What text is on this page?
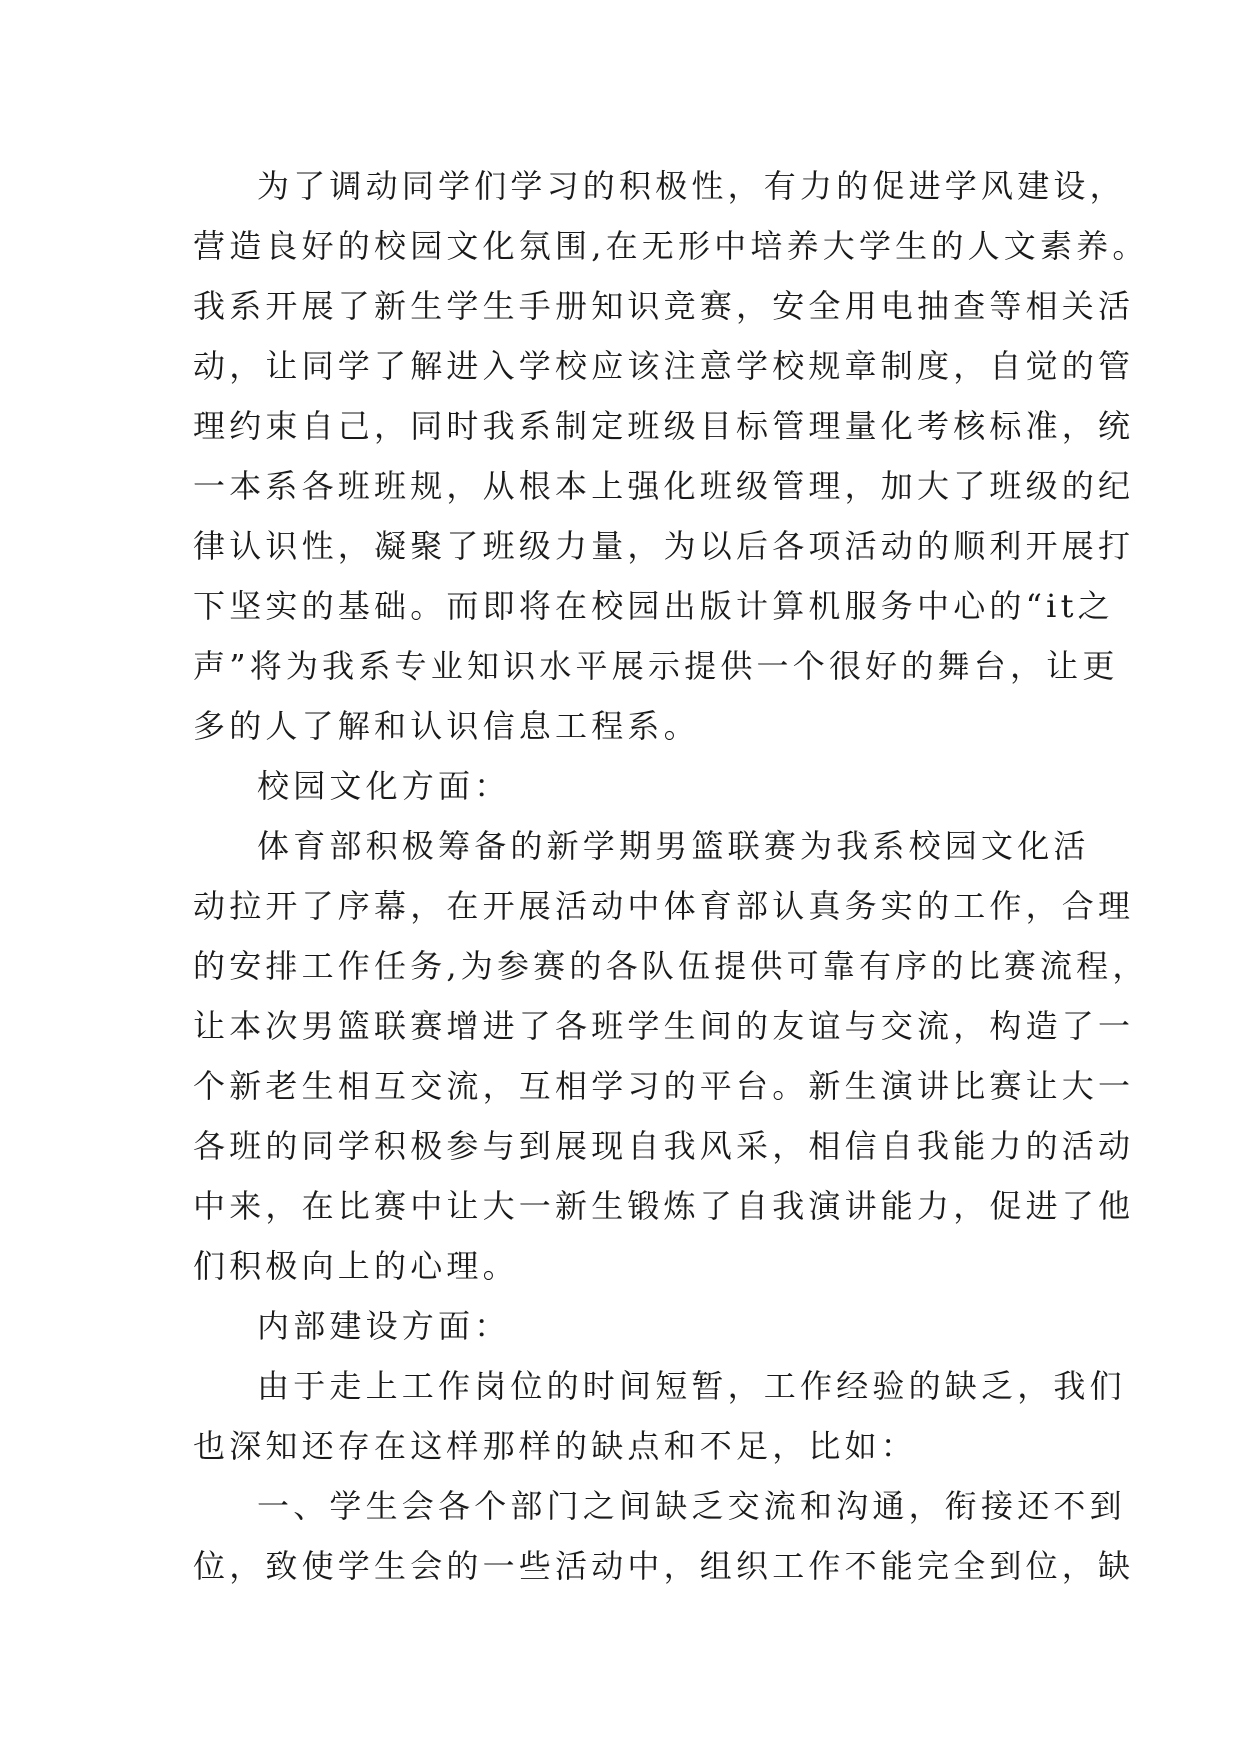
为了调动同学们学习的积极性，有力的促进学风建设，
营造良好的校园文化氛围,在无形中培养大学生的人文素养。
我系开展了新生学生手册知识竞赛，安全用电抽查等相关活
动，让同学了解进入学校应该注意学校规章制度，自觉的管
理约束自己，同时我系制定班级目标管理量化考核标准，统
一本系各班班规，从根本上强化班级管理，加大了班级的纪
律认识性，凝聚了班级力量，为以后各项活动的顺利开展打
下坚实的基础。而即将在校园出版计算机服务中心的“it之
声”将为我系专业知识水平展示提供一个很好的舞台，让更
多的人了解和认识信息工程系。
校园文化方面：
体育部积极筹备的新学期男篮联赛为我系校园文化活
动拉开了序幕，在开展活动中体育部认真务实的工作，合理
的安排工作任务,为参赛的各队伍提供可靠有序的比赛流程，
让本次男篮联赛增进了各班学生间的友谊与交流，构造了一
个新老生相互交流，互相学习的平台。新生演讲比赛让大一
各班的同学积极参与到展现自我风采，相信自我能力的活动
中来，在比赛中让大一新生锻炼了自我演讲能力，促进了他
们积极向上的心理。
内部建设方面：
由于走上工作岗位的时间短暂，工作经验的缺乏，我们
也深知还存在这样那样的缺点和不足，比如：
一、学生会各个部门之间缺乏交流和沟通，衔接还不到
位，致使学生会的一些活动中，组织工作不能完全到位，缺
